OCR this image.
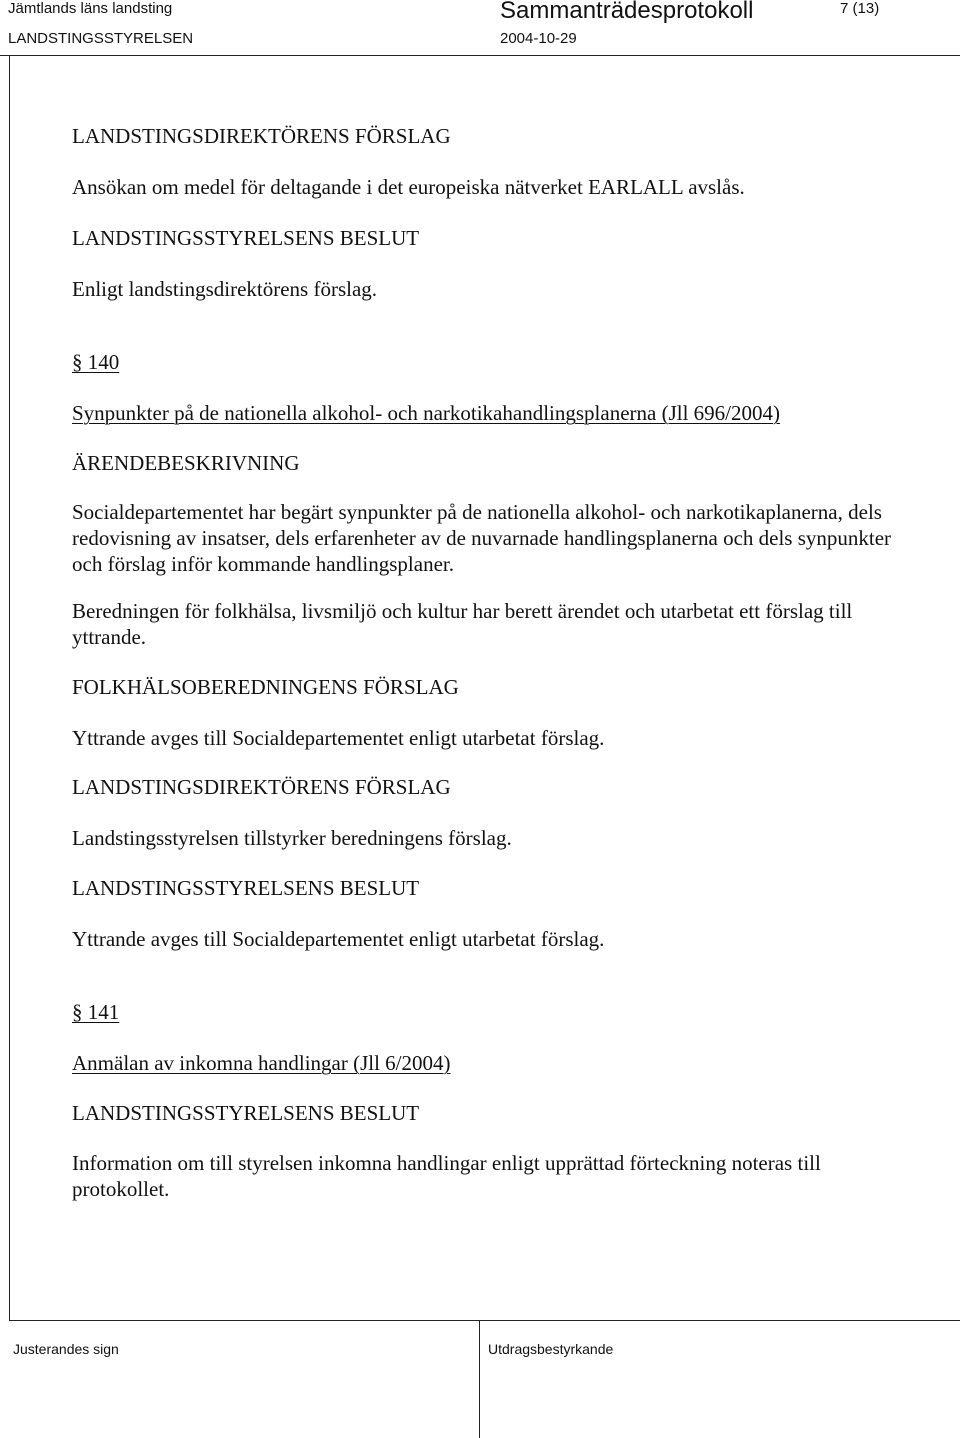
Jämtlands läns landsting	Sammanträdesprotokoll	7 (13)
LANDSTINGSSTYRELSEN	2004-10-29
LANDSTINGSDIREKTÖRENS FÖRSLAG
Ansökan om medel för deltagande i det europeiska nätverket EARLALL avslås.
LANDSTINGSSTYRELSENS BESLUT
Enligt landstingsdirektörens förslag.
§ 140
Synpunkter på de nationella alkohol- och narkotikahandlingsplanerna (Jll 696/2004)
ÄRENDEBESKRIVNING
Socialdepartementet har begärt synpunkter på de nationella alkohol- och narkotikaplanerna, dels redovisning av insatser, dels erfarenheter av de nuvarnade handlingsplanerna och dels synpunkter och förslag inför kommande handlingsplaner.
Beredningen för folkhälsa, livsmiljö och kultur har berett ärendet och utarbetat ett förslag till yttrande.
FOLKHÄLSOBEREDNINGENS FÖRSLAG
Yttrande avges till Socialdepartementet enligt utarbetat förslag.
LANDSTINGSDIREKTÖRENS FÖRSLAG
Landstingsstyrelsen tillstyrker beredningens förslag.
LANDSTINGSSTYRELSENS BESLUT
Yttrande avges till Socialdepartementet enligt utarbetat förslag.
§ 141
Anmälan av inkomna handlingar (Jll 6/2004)
LANDSTINGSSTYRELSENS BESLUT
Information om till styrelsen inkomna handlingar enligt upprättad förteckning noteras till protokollet.
Justerandes sign	Utdragsbestyrkande
